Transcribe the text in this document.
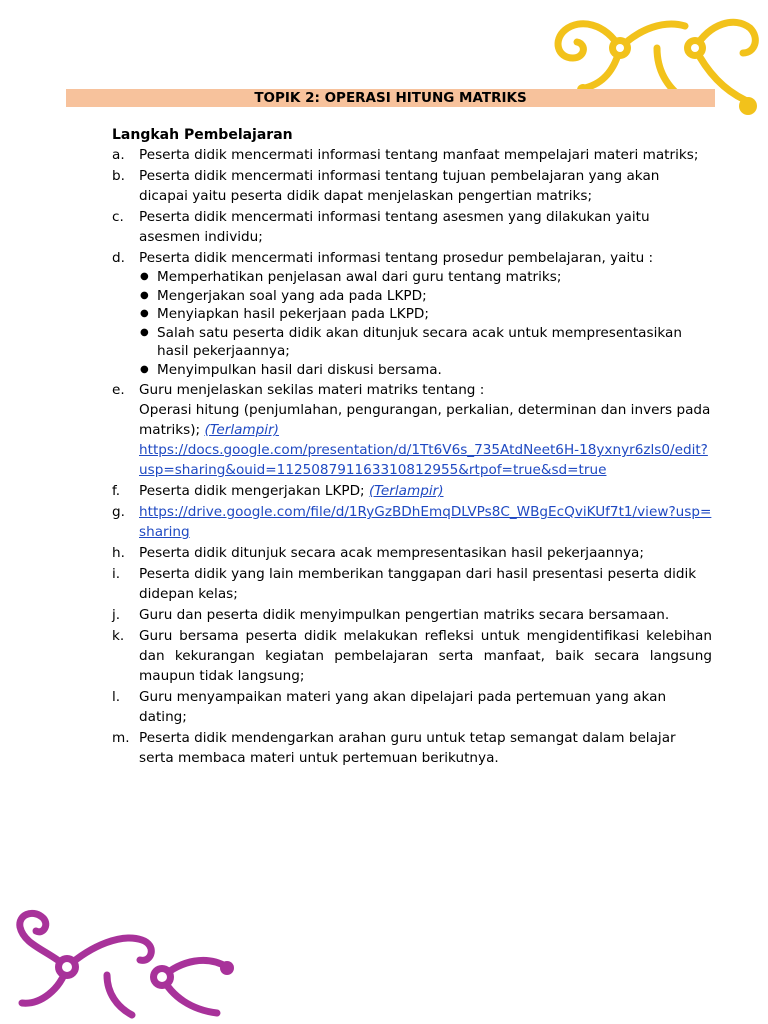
TOPIK 2: OPERASI HITUNG MATRIKS
Langkah Pembelajaran
a.	Peserta didik mencermati informasi tentang manfaat mempelajari materi matriks;
b.	Peserta didik mencermati informasi tentang tujuan pembelajaran yang akan dicapai yaitu peserta didik dapat menjelaskan pengertian matriks;
c.	Peserta didik mencermati informasi tentang asesmen yang dilakukan yaitu asesmen individu;
d.	Peserta didik mencermati informasi tentang prosedur pembelajaran, yaitu :
● Memperhatikan penjelasan awal dari guru tentang matriks;
● Mengerjakan soal yang ada pada LKPD;
● Menyiapkan hasil pekerjaan pada LKPD;
● Salah satu peserta didik akan ditunjuk secara acak untuk mempresentasikan hasil pekerjaannya;
● Menyimpulkan hasil dari diskusi bersama.
e.	Guru menjelaskan sekilas materi matriks tentang :
Operasi hitung (penjumlahan, pengurangan, perkalian, determinan dan invers pada matriks); (Terlampir)
https://docs.google.com/presentation/d/1Tt6V6s_735AtdNeet6H-18yxnyr6zls0/edit?usp=sharing&ouid=112508791163310812955&rtpof=true&sd=true
f.	Peserta didik mengerjakan LKPD; (Terlampir)
g.	https://drive.google.com/file/d/1RyGzBDhEmqDLVPs8C_WBgEcQviKUf7t1/view?usp=sharing
h.	Peserta didik ditunjuk secara acak mempresentasikan hasil pekerjaannya;
i.	Peserta didik yang lain memberikan tanggapan dari hasil presentasi peserta didik didepan kelas;
j.	Guru dan peserta didik menyimpulkan pengertian matriks secara bersamaan.
k.	Guru bersama peserta didik melakukan refleksi untuk mengidentifikasi kelebihan dan kekurangan kegiatan pembelajaran serta manfaat, baik secara langsung maupun tidak langsung;
l.	Guru menyampaikan materi yang akan dipelajari pada pertemuan yang akan dating;
m. Peserta didik mendengarkan arahan guru untuk tetap semangat dalam belajar serta membaca materi untuk pertemuan berikutnya.
